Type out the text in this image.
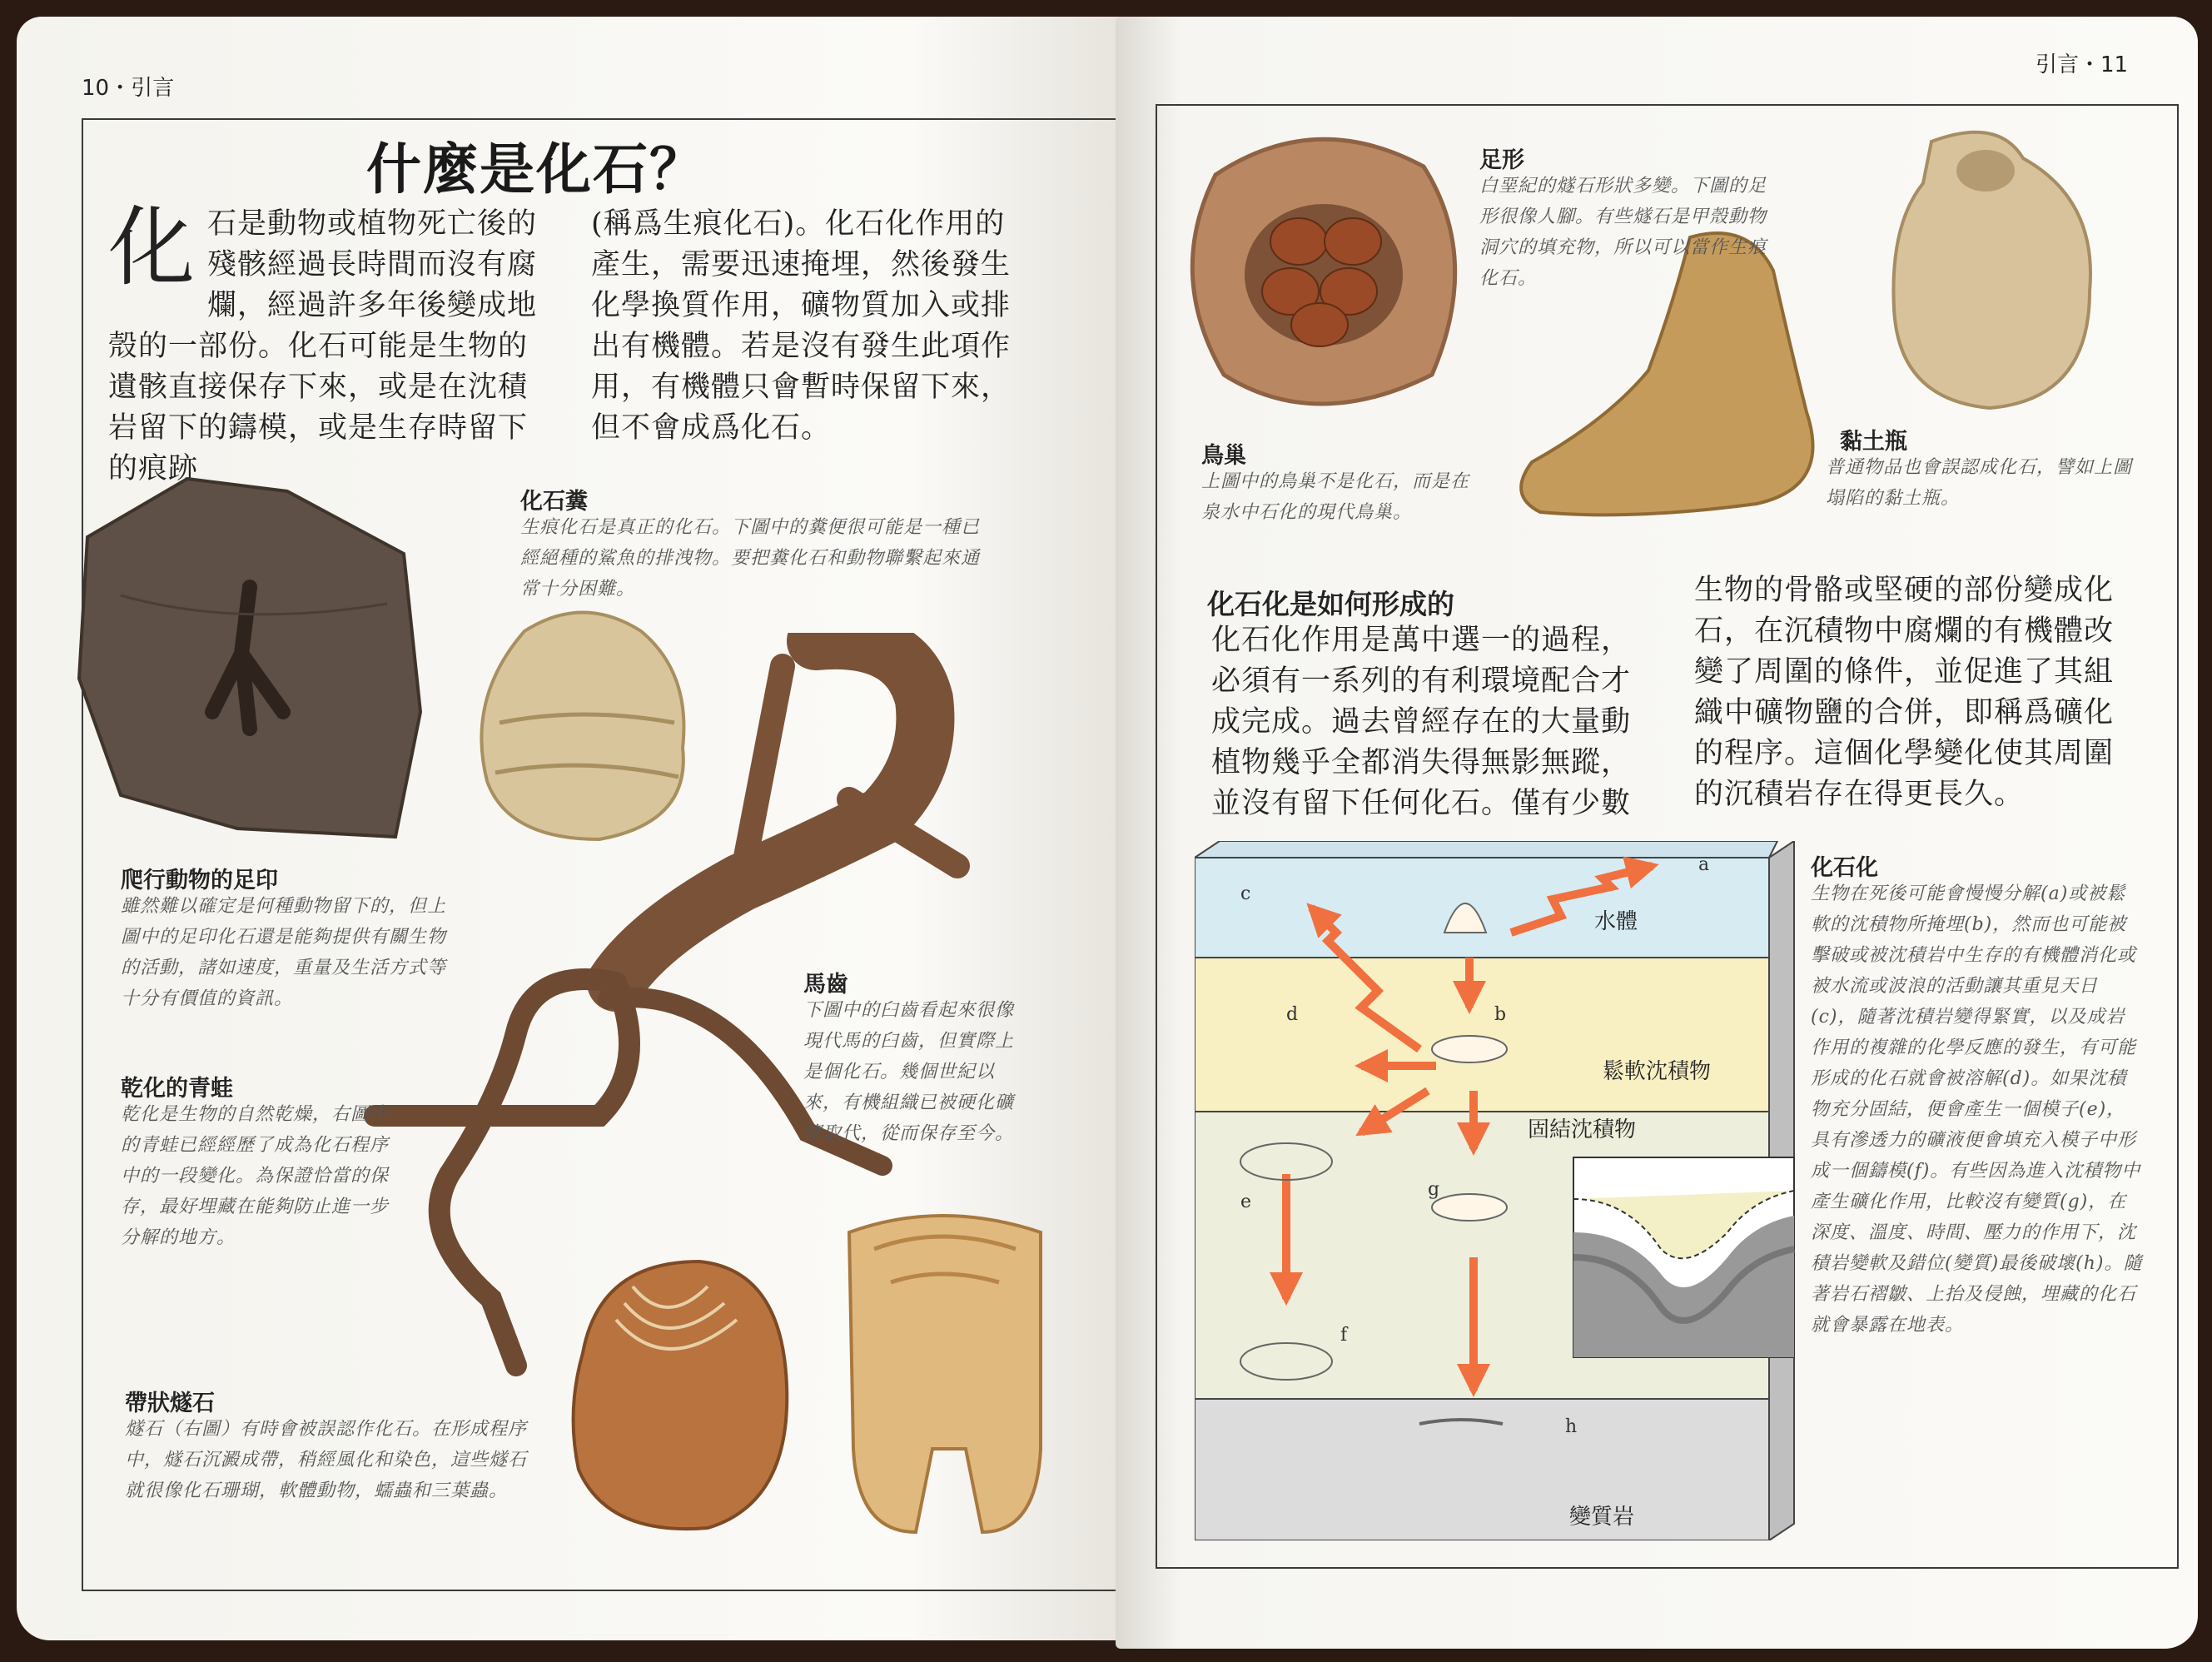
10・引言
什麼是化石？
化石是動物或植物死亡後的殘骸經過長時間而沒有腐爛，經過許多年後變成地殼的一部份。化石可能是生物的遺骸直接保存下來，或是在沈積岩留下的鑄模，或是生存時留下的痕跡
(稱爲生痕化石)。化石化作用的產生，需要迅速掩埋，然後發生化學換質作用，礦物質加入或排出有機體。若是沒有發生此項作用，有機體只會暫時保留下來，但不會成爲化石。
化石糞
生痕化石是真正的化石。下圖中的糞便很可能是一種已經絕種的鯊魚的排洩物。要把糞化石和動物聯繫起來通常十分困難。
爬行動物的足印
雖然難以確定是何種動物留下的，但上圖中的足印化石還是能夠提供有關生物的活動，諸如速度，重量及生活方式等十分有價值的資訊。
乾化的青蛙
乾化是生物的自然乾燥，右圖中的青蛙已經經歷了成為化石程序中的一段變化。為保證恰當的保存，最好埋藏在能夠防止進一步分解的地方。
馬齒
下圖中的臼齒看起來很像現代馬的臼齒，但實際上是個化石。幾個世紀以來，有機組織已被硬化礦鹽取代，從而保存至今。
帶狀燧石
燧石（右圖）有時會被誤認作化石。在形成程序中，燧石沉澱成帶，稍經風化和染色，這些燧石就很像化石珊瑚，軟體動物，蠕蟲和三葉蟲。
引言・11
足形
白堊紀的燧石形狀多變。下圖的足形很像人腳。有些燧石是甲殼動物洞穴的填充物，所以可以當作生痕化石。
鳥巢
上圖中的鳥巢不是化石，而是在泉水中石化的現代鳥巢。
黏土瓶
普通物品也會誤認成化石，譬如上圖塌陷的黏土瓶。
化石化是如何形成的
化石化作用是萬中選一的過程，必須有一系列的有利環境配合才成完成。過去曾經存在的大量動植物幾乎全都消失得無影無蹤，並沒有留下任何化石。僅有少數
生物的骨骼或堅硬的部份變成化石，在沉積物中腐爛的有機體改變了周圍的條件，並促進了其組織中礦物鹽的合併，即稱爲礦化的程序。這個化學變化使其周圍的沉積岩存在得更長久。
水體
鬆軟沈積物
固結沈積物
變質岩
a
b
c
d
e
f
g
h
化石化
生物在死後可能會慢慢分解(a)或被鬆軟的沈積物所掩埋(b)，然而也可能被擊破或被沈積岩中生存的有機體消化或被水流或波浪的活動讓其重見天日(c)，隨著沈積岩變得緊實，以及成岩作用的複雜的化學反應的發生，有可能形成的化石就會被溶解(d)。如果沈積物充分固結，便會產生一個模子(e)，具有滲透力的礦液便會填充入模子中形成一個鑄模(f)。有些因為進入沈積物中產生礦化作用，比較沒有變質(g)，在深度、溫度、時間、壓力的作用下，沈積岩變軟及錯位(變質)最後破壞(h)。隨著岩石褶皺、上抬及侵蝕，埋藏的化石就會暴露在地表。
